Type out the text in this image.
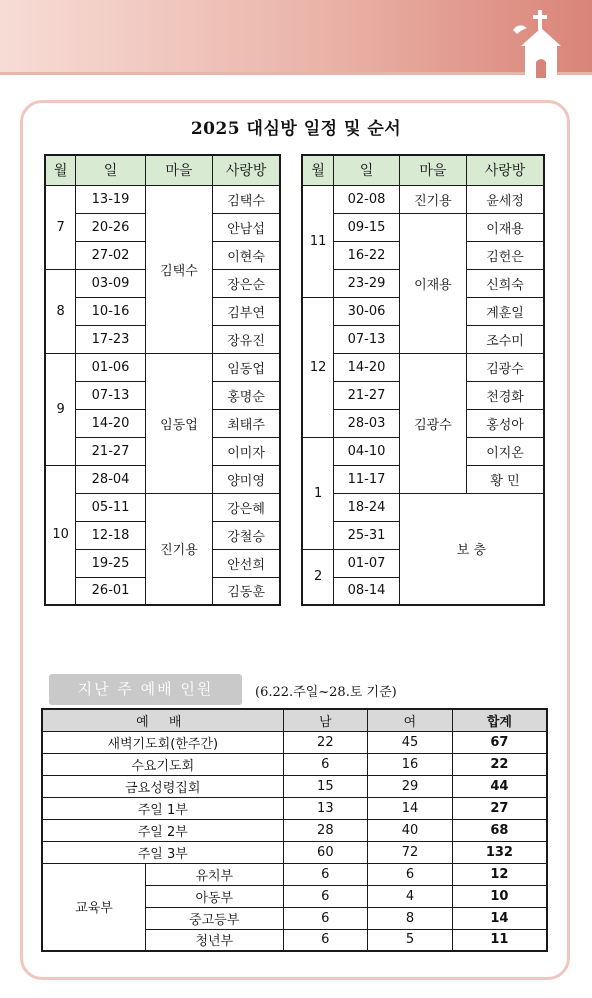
2025 대심방 일정 및 순서
월	일	마을	사랑방
7	13-19	김택수	김택수
	20-26		안남섭
	27-02		이현숙
8	03-09		장은순
	10-16		김부연
	17-23		장유진
9	01-06	임동업	임동업
	07-13		홍명순
	14-20		최태주
	21-27		이미자
10	28-04		양미영
	05-11	진기용	강은혜
	12-18		강철승
	19-25		안선희
	26-01		김동훈
월	일	마을	사랑방
11	02-08	진기용	윤세정
	09-15	이재용	이재용
	16-22		김헌은
	23-29		신희숙
12	30-06		계훈일
	07-13		조수미
	14-20	김광수	김광수
	21-27		천경화
	28-03		홍성아
1	04-10		이지온
	11-17		황 민
	18-24	보 충	
	25-31		
2	01-07		
	08-14		
지난 주 예배 인원	(6.22.주일~28.토 기준)
예 배		남	여	합계
새벽기도회(한주간)		22	45	67
수요기도회		6	16	22
금요성령집회		15	29	44
주일 1부		13	14	27
주일 2부		28	40	68
주일 3부		60	72	132
교육부	유치부	6	6	12
	아동부	6	4	10
	중고등부	6	8	14
	청년부	6	5	11
